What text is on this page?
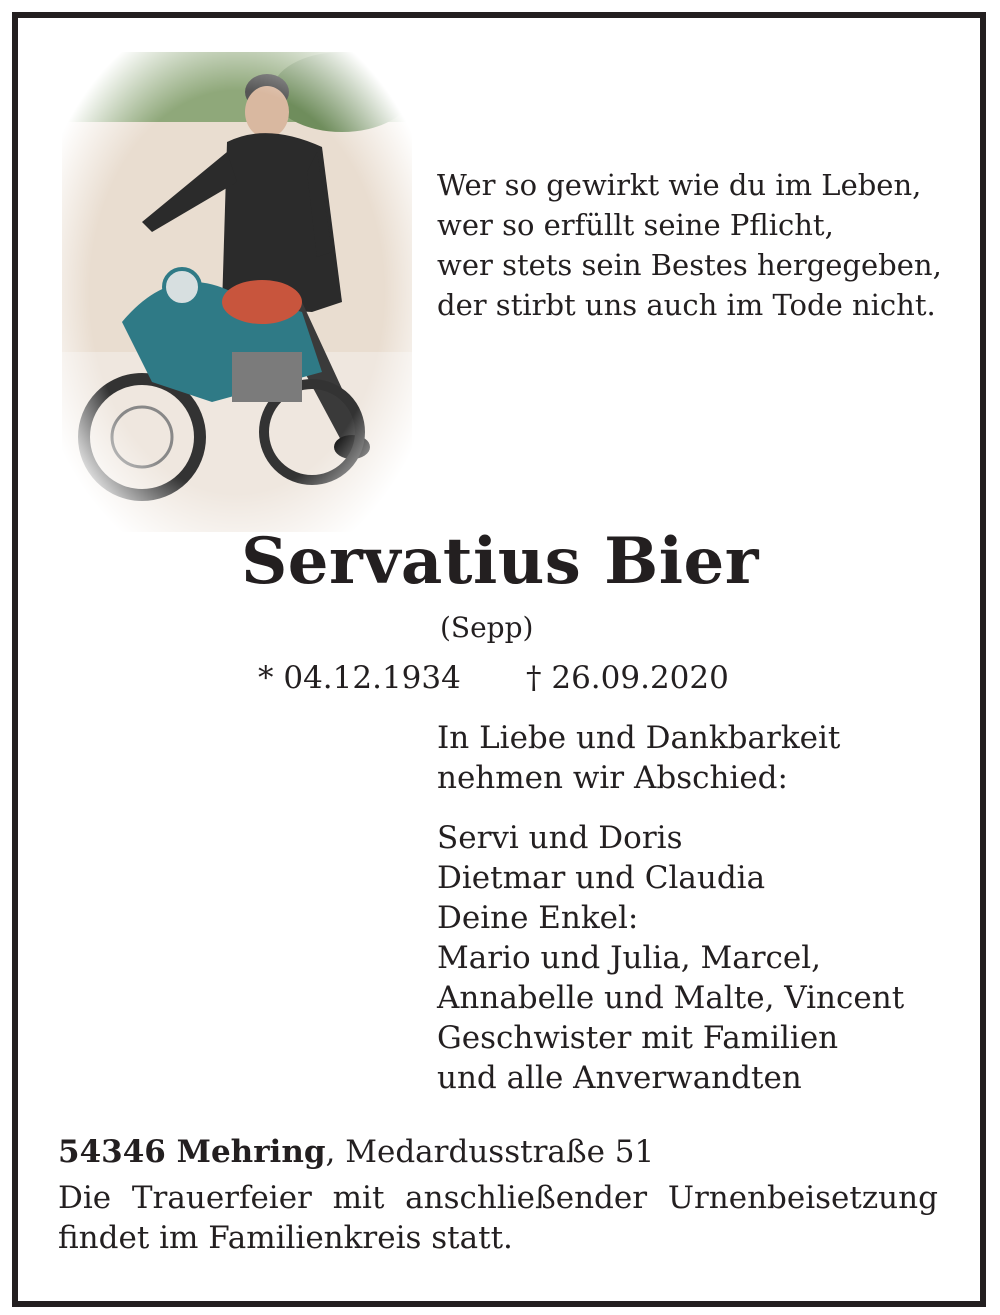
Wer so gewirkt wie du im Leben,
wer so erfüllt seine Pflicht,
wer stets sein Bestes hergegeben,
der stirbt uns auch im Tode nicht.
Servatius Bier
(Sepp)
* 04.12.1934 † 26.09.2020
In Liebe und Dankbarkeit
nehmen wir Abschied:
Servi und Doris
Dietmar und Claudia
Deine Enkel:
Mario und Julia, Marcel,
Annabelle und Malte, Vincent
Geschwister mit Familien
und alle Anverwandten
54346 Mehring, Medardusstraße 51
Die Trauerfeier mit anschließender Urnenbeisetzung
findet im Familienkreis statt.
